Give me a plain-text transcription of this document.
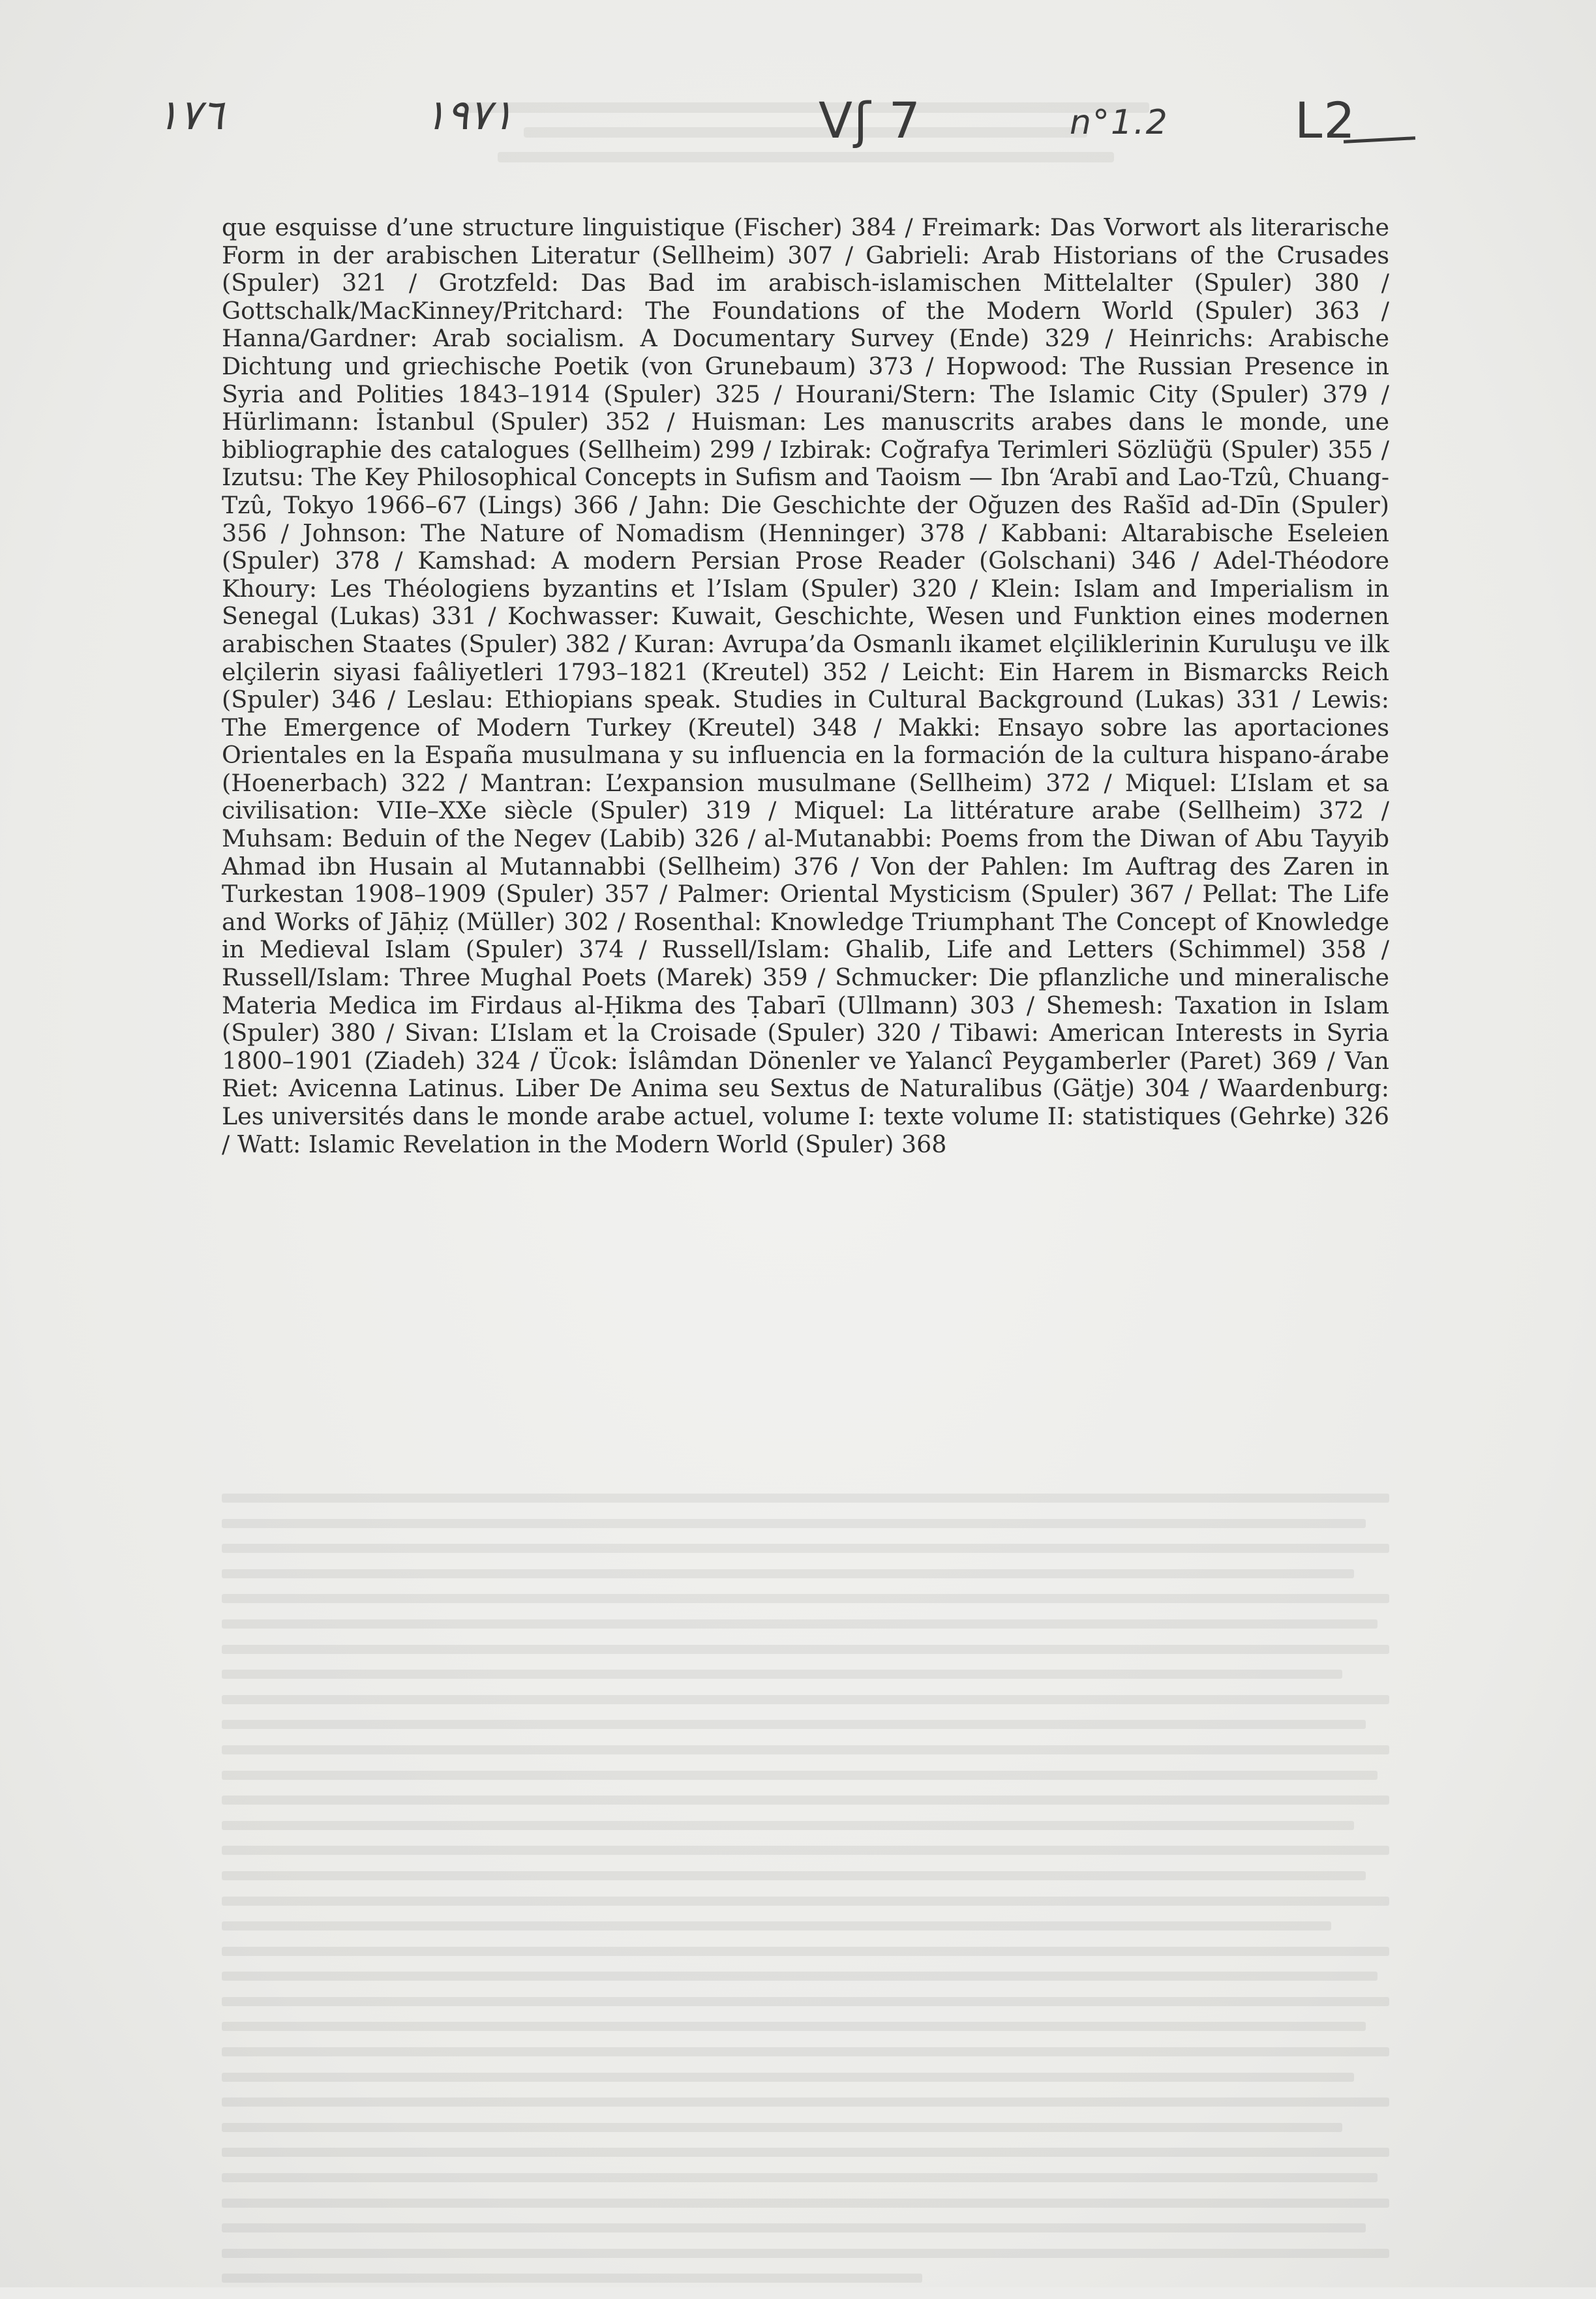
١٧٦	١٩٧١	Vʃ 7	n°1.2	L2
que esquisse d’une structure linguistique (Fischer) 384 / Freimark: Das Vorwort als literarische Form in der arabischen Literatur (Sellheim) 307 / Gabrieli: Arab Historians of the Crusades (Spuler) 321 / Grotzfeld: Das Bad im arabisch-islamischen Mittelalter (Spuler) 380 / Gottschalk/MacKinney/Pritchard: The Foundations of the Modern World (Spuler) 363 / Hanna/Gardner: Arab socialism. A Documentary Survey (Ende) 329 / Heinrichs: Arabische Dichtung und griechische Poetik (von Grunebaum) 373 / Hopwood: The Russian Presence in Syria and Polities 1843–1914 (Spuler) 325 / Hourani/Stern: The Islamic City (Spuler) 379 / Hürlimann: İstanbul (Spuler) 352 / Huisman: Les manuscrits arabes dans le monde, une bibliographie des catalogues (Sellheim) 299 / Izbirak: Coğrafya Terimleri Sözlüğü (Spuler) 355 / Izutsu: The Key Philosophical Concepts in Sufism and Taoism — Ibn ‘Arabī and Lao-Tzû, Chuang-Tzû, Tokyo 1966–67 (Lings) 366 / Jahn: Die Geschichte der Oğuzen des Rašīd ad-Dīn (Spuler) 356 / Johnson: The Nature of Nomadism (Henninger) 378 / Kabbani: Altarabische Eseleien (Spuler) 378 / Kamshad: A modern Persian Prose Reader (Golschani) 346 / Adel-Théodore Khoury: Les Théologiens byzantins et l’Islam (Spuler) 320 / Klein: Islam and Imperialism in Senegal (Lukas) 331 / Kochwasser: Kuwait, Geschichte, Wesen und Funktion eines modernen arabischen Staates (Spuler) 382 / Kuran: Avrupa’da Osmanlı ikamet elçiliklerinin Kuruluşu ve ilk elçilerin siyasi faâliyetleri 1793–1821 (Kreutel) 352 / Leicht: Ein Harem in Bismarcks Reich (Spuler) 346 / Leslau: Ethiopians speak. Studies in Cultural Background (Lukas) 331 / Lewis: The Emergence of Modern Turkey (Kreutel) 348 / Makki: Ensayo sobre las aportaciones Orientales en la España musulmana y su influencia en la formación de la cultura hispano-árabe (Hoenerbach) 322 / Mantran: L’expansion musulmane (Sellheim) 372 / Miquel: L’Islam et sa civilisation: VIIe–XXe siècle (Spuler) 319 / Miquel: La littérature arabe (Sellheim) 372 / Muhsam: Beduin of the Negev (Labib) 326 / al-Mutanabbi: Poems from the Diwan of Abu Tayyib Ahmad ibn Husain al Mutannabbi (Sellheim) 376 / Von der Pahlen: Im Auftrag des Zaren in Turkestan 1908–1909 (Spuler) 357 / Palmer: Oriental Mysticism (Spuler) 367 / Pellat: The Life and Works of Jāḥiẓ (Müller) 302 / Rosenthal: Knowledge Triumphant The Concept of Knowledge in Medieval Islam (Spuler) 374 / Russell/Islam: Ghalib, Life and Letters (Schimmel) 358 / Russell/Islam: Three Mughal Poets (Marek) 359 / Schmucker: Die pflanzliche und mineralische Materia Medica im Firdaus al-Ḥikma des Ṭabarī (Ullmann) 303 / Shemesh: Taxation in Islam (Spuler) 380 / Sivan: L’Islam et la Croisade (Spuler) 320 / Tibawi: American Interests in Syria 1800–1901 (Ziadeh) 324 / Ücok: İslâmdan Dönenler ve Yalancî Peygamberler (Paret) 369 / Van Riet: Avicenna Latinus. Liber De Anima seu Sextus de Naturalibus (Gätje) 304 / Waardenburg: Les universités dans le monde arabe actuel, volume I: texte volume II: statistiques (Gehrke) 326 / Watt: Islamic Revelation in the Modern World (Spuler) 368
